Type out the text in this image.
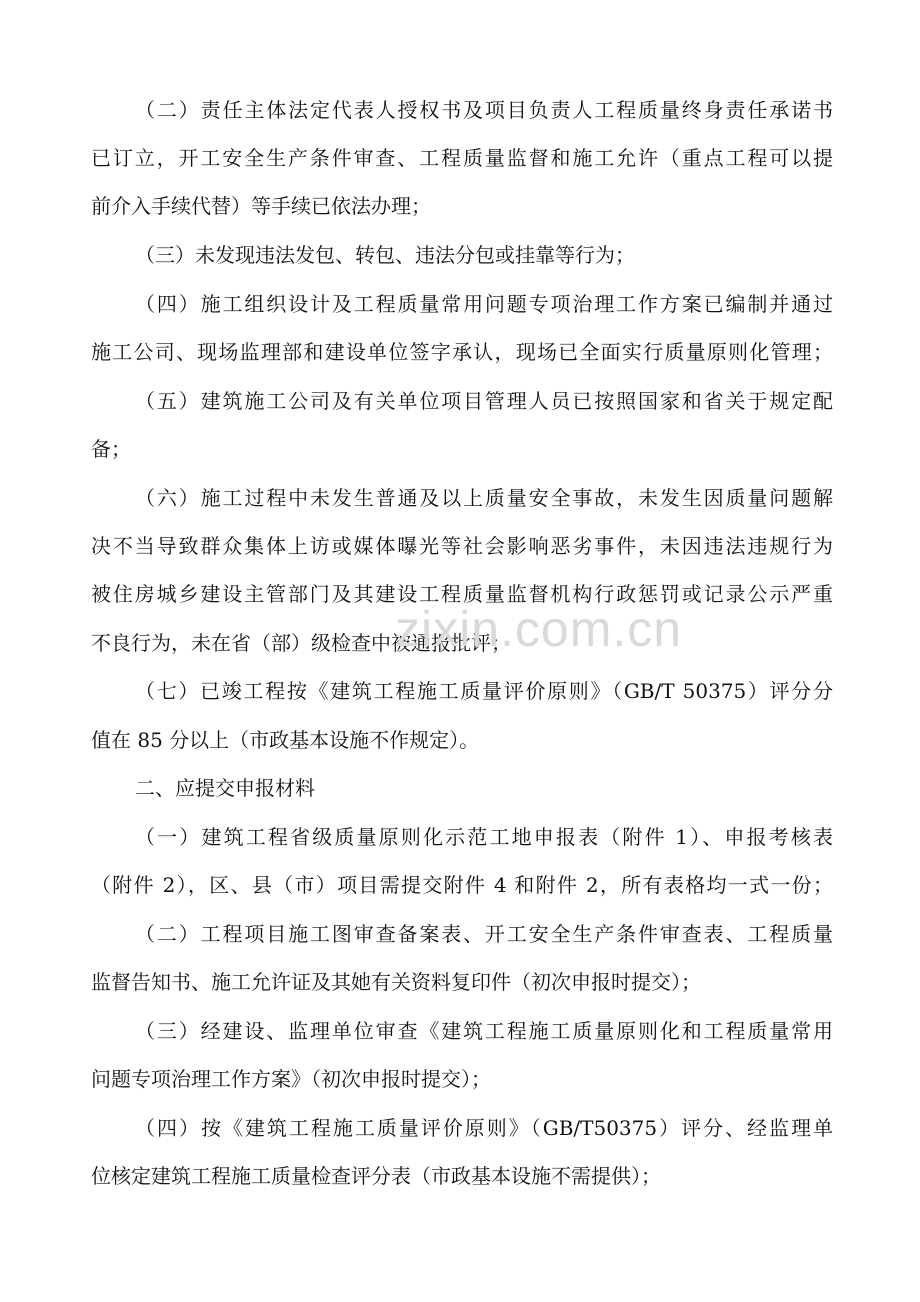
（二）责任主体法定代表人授权书及项目负责人工程质量终身责任承诺书
已订立，开工安全生产条件审查、工程质量监督和施工允许（重点工程可以提
前介入手续代替）等手续已依法办理；
（三）未发现违法发包、转包、违法分包或挂靠等行为；
（四）施工组织设计及工程质量常用问题专项治理工作方案已编制并通过
施工公司、现场监理部和建设单位签字承认，现场已全面实行质量原则化管理；
（五）建筑施工公司及有关单位项目管理人员已按照国家和省关于规定配
备；
（六）施工过程中未发生普通及以上质量安全事故，未发生因质量问题解
决不当导致群众集体上访或媒体曝光等社会影响恶劣事件，未因违法违规行为
被住房城乡建设主管部门及其建设工程质量监督机构行政惩罚或记录公示严重
不良行为，未在省（部）级检查中被通报批评；
（七）已竣工程按《建筑工程施工质量评价原则》（GB/T 50375）评分分
值在 85 分以上（市政基本设施不作规定）。
二、应提交申报材料
（一）建筑工程省级质量原则化示范工地申报表（附件 1）、申报考核表
（附件 2），区、县（市）项目需提交附件 4 和附件 2，所有表格均一式一份；
（二）工程项目施工图审查备案表、开工安全生产条件审查表、工程质量
监督告知书、施工允许证及其她有关资料复印件（初次申报时提交）；
（三）经建设、监理单位审查《建筑工程施工质量原则化和工程质量常用
问题专项治理工作方案》（初次申报时提交）；
（四）按《建筑工程施工质量评价原则》（GB/T50375）评分、经监理单
位核定建筑工程施工质量检查评分表（市政基本设施不需提供）；
zixin.com.cn
